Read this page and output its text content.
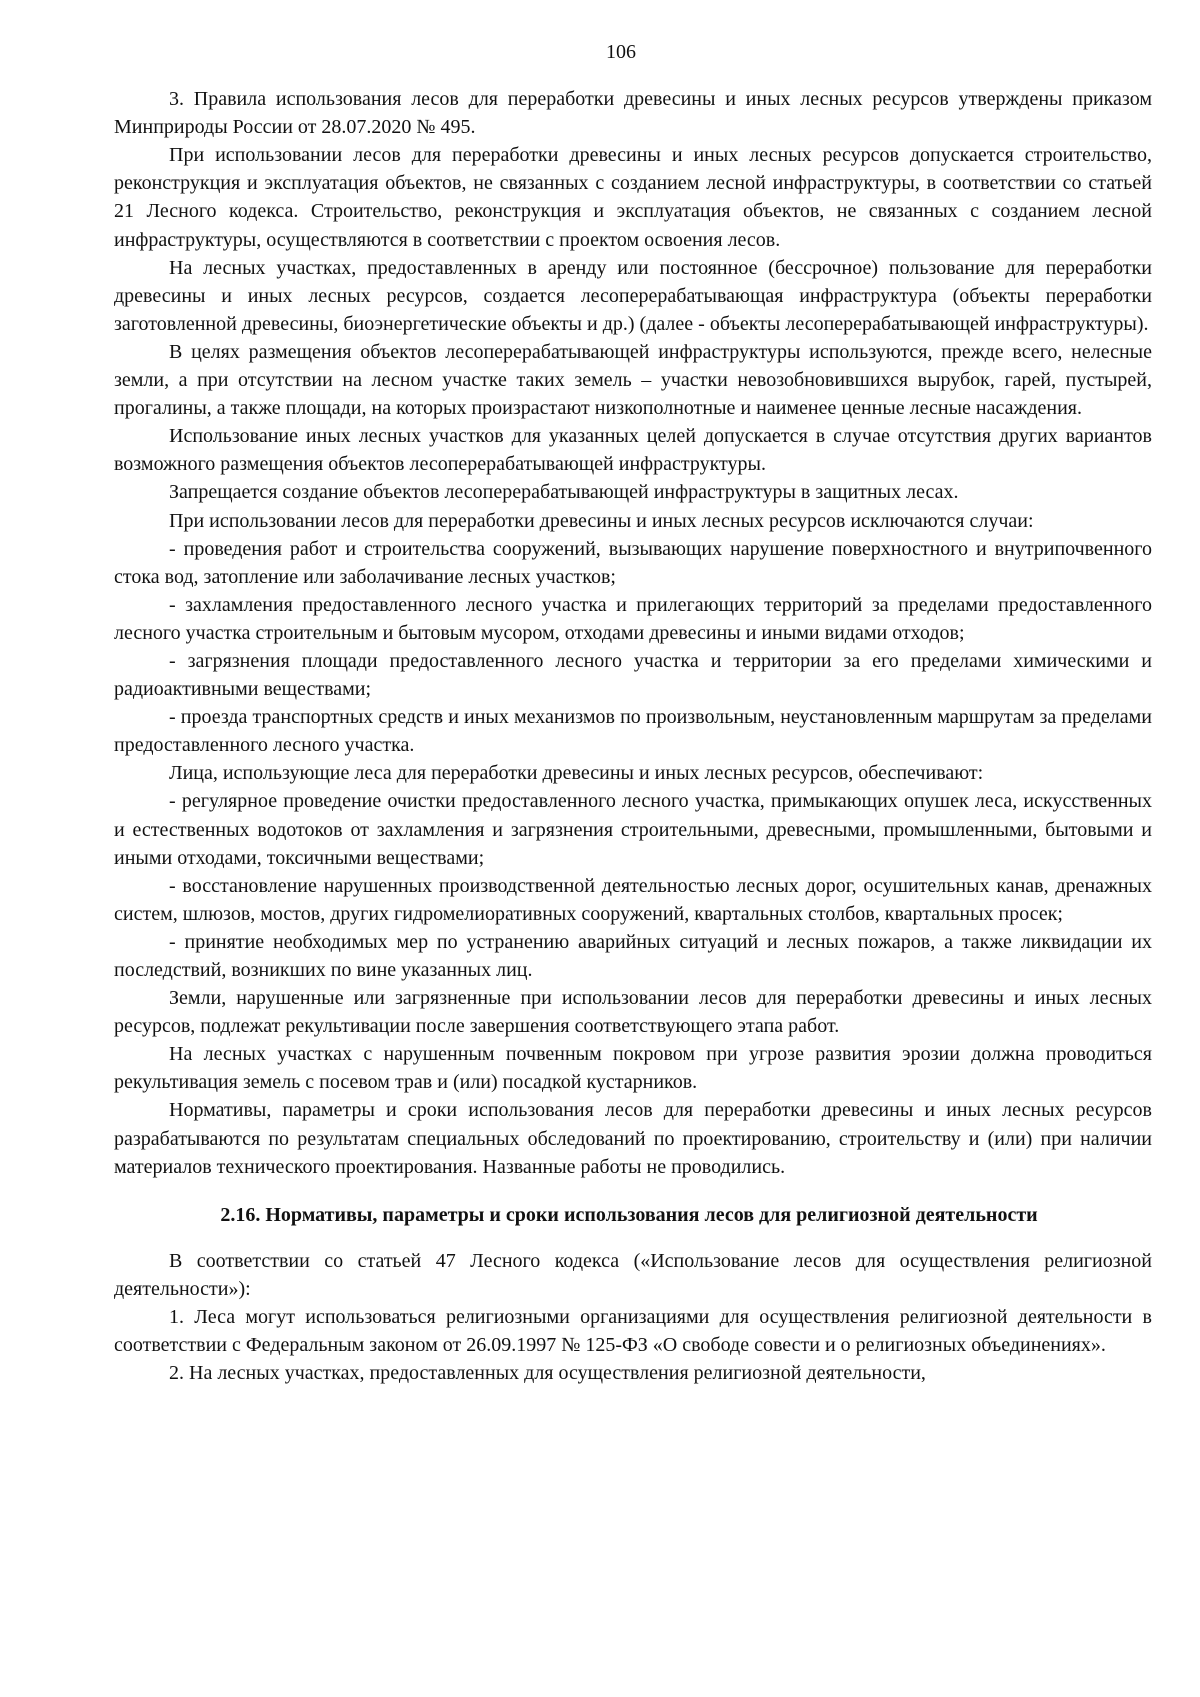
106

3. Правила использования лесов для переработки древесины и иных лесных ресурсов утверждены приказом Минприроды России от 28.07.2020 № 495.

При использовании лесов для переработки древесины и иных лесных ресурсов допускается строительство, реконструкция и эксплуатация объектов, не связанных с созданием лесной инфраструктуры, в соответствии со статьей 21 Лесного кодекса. Строительство, реконструкция и эксплуатация объектов, не связанных с созданием лесной инфраструктуры, осуществляются в соответствии с проектом освоения лесов.

На лесных участках, предоставленных в аренду или постоянное (бессрочное) пользование для переработки древесины и иных лесных ресурсов, создается лесоперерабатывающая инфраструктура (объекты переработки заготовленной древесины, биоэнергетические объекты и др.) (далее - объекты лесоперерабатывающей инфраструктуры).

В целях размещения объектов лесоперерабатывающей инфраструктуры используются, прежде всего, нелесные земли, а при отсутствии на лесном участке таких земель – участки невозобновившихся вырубок, гарей, пустырей, прогалины, а также площади, на которых произрастают низкополнотные и наименее ценные лесные насаждения.

Использование иных лесных участков для указанных целей допускается в случае отсутствия других вариантов возможного размещения объектов лесоперерабатывающей инфраструктуры.

Запрещается создание объектов лесоперерабатывающей инфраструктуры в защитных лесах.

При использовании лесов для переработки древесины и иных лесных ресурсов исключаются случаи:

- проведения работ и строительства сооружений, вызывающих нарушение поверхностного и внутрипочвенного стока вод, затопление или заболачивание лесных участков;

- захламления предоставленного лесного участка и прилегающих территорий за пределами предоставленного лесного участка строительным и бытовым мусором, отходами древесины и иными видами отходов;

- загрязнения площади предоставленного лесного участка и территории за его пределами химическими и радиоактивными веществами;

- проезда транспортных средств и иных механизмов по произвольным, неустановленным маршрутам за пределами предоставленного лесного участка.

Лица, использующие леса для переработки древесины и иных лесных ресурсов, обеспечивают:

- регулярное проведение очистки предоставленного лесного участка, примыкающих опушек леса, искусственных и естественных водотоков от захламления и загрязнения строительными, древесными, промышленными, бытовыми и иными отходами, токсичными веществами;

- восстановление нарушенных производственной деятельностью лесных дорог, осушительных канав, дренажных систем, шлюзов, мостов, других гидромелиоративных сооружений, квартальных столбов, квартальных просек;

- принятие необходимых мер по устранению аварийных ситуаций и лесных пожаров, а также ликвидации их последствий, возникших по вине указанных лиц.

Земли, нарушенные или загрязненные при использовании лесов для переработки древесины и иных лесных ресурсов, подлежат рекультивации после завершения соответствующего этапа работ.

На лесных участках с нарушенным почвенным покровом при угрозе развития эрозии должна проводиться рекультивация земель с посевом трав и (или) посадкой кустарников.

Нормативы, параметры и сроки использования лесов для переработки древесины и иных лесных ресурсов разрабатываются по результатам специальных обследований по проектированию, строительству и (или) при наличии материалов технического проектирования. Названные работы не проводились.

2.16. Нормативы, параметры и сроки использования лесов для религиозной деятельности

В соответствии со статьей 47 Лесного кодекса («Использование лесов для осуществления религиозной деятельности»):

1. Леса могут использоваться религиозными организациями для осуществления религиозной деятельности в соответствии с Федеральным законом от 26.09.1997 № 125-ФЗ «О свободе совести и о религиозных объединениях».

2. На лесных участках, предоставленных для осуществления религиозной деятельности,
